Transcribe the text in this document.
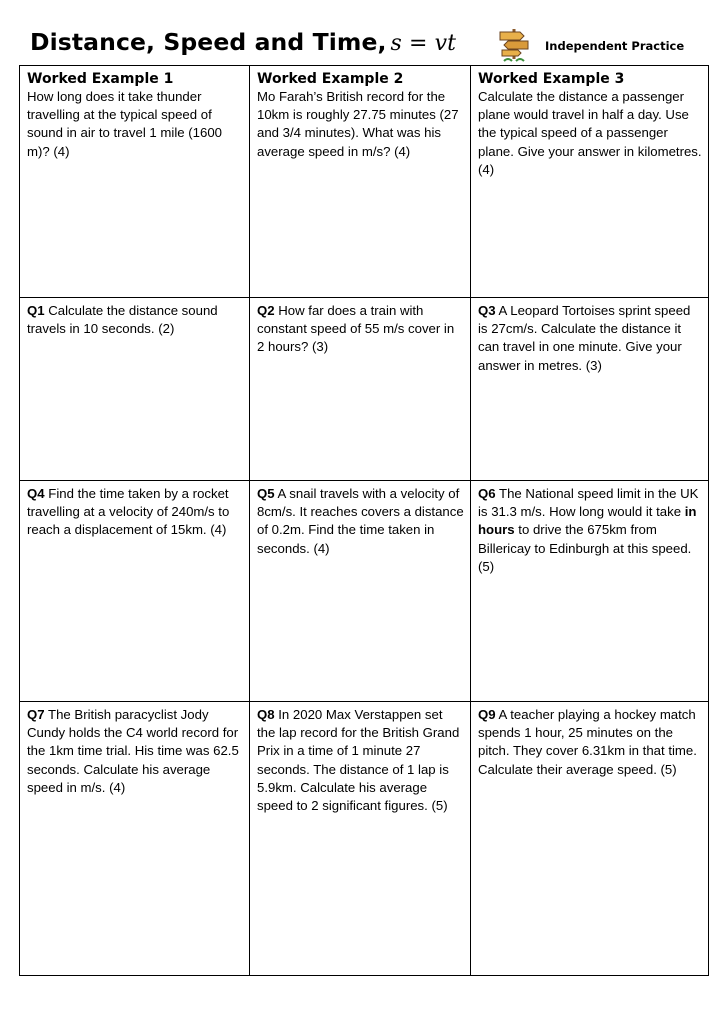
Distance, Speed and Time, s = vt	Independent Practice
Worked Example 1
How long does it take thunder travelling at the typical speed of sound in air to travel 1 mile (1600 m)? (4)
Worked Example 2
Mo Farah’s British record for the 10km is roughly 27.75 minutes (27 and 3/4 minutes). What was his average speed in m/s? (4)
Worked Example 3
Calculate the distance a passenger plane would travel in half a day. Use the typical speed of a passenger plane. Give your answer in kilometres. (4)
Q1 Calculate the distance sound travels in 10 seconds. (2)
Q2 How far does a train with constant speed of 55 m/s cover in 2 hours? (3)
Q3 A Leopard Tortoises sprint speed is 27cm/s. Calculate the distance it can travel in one minute. Give your answer in metres. (3)
Q4 Find the time taken by a rocket travelling at a velocity of 240m/s to reach a displacement of 15km. (4)
Q5 A snail travels with a velocity of 8cm/s. It reaches covers a distance of 0.2m. Find the time taken in seconds. (4)
Q6 The National speed limit in the UK is 31.3 m/s. How long would it take in hours to drive the 675km from Billericay to Edinburgh at this speed. (5)
Q7 The British paracyclist Jody Cundy holds the C4 world record for the 1km time trial. His time was 62.5 seconds. Calculate his average speed in m/s. (4)
Q8 In 2020 Max Verstappen set the lap record for the British Grand Prix in a time of 1 minute 27 seconds. The distance of 1 lap is 5.9km. Calculate his average speed to 2 significant figures. (5)
Q9 A teacher playing a hockey match spends 1 hour, 25 minutes on the pitch. They cover 6.31km in that time. Calculate their average speed. (5)
